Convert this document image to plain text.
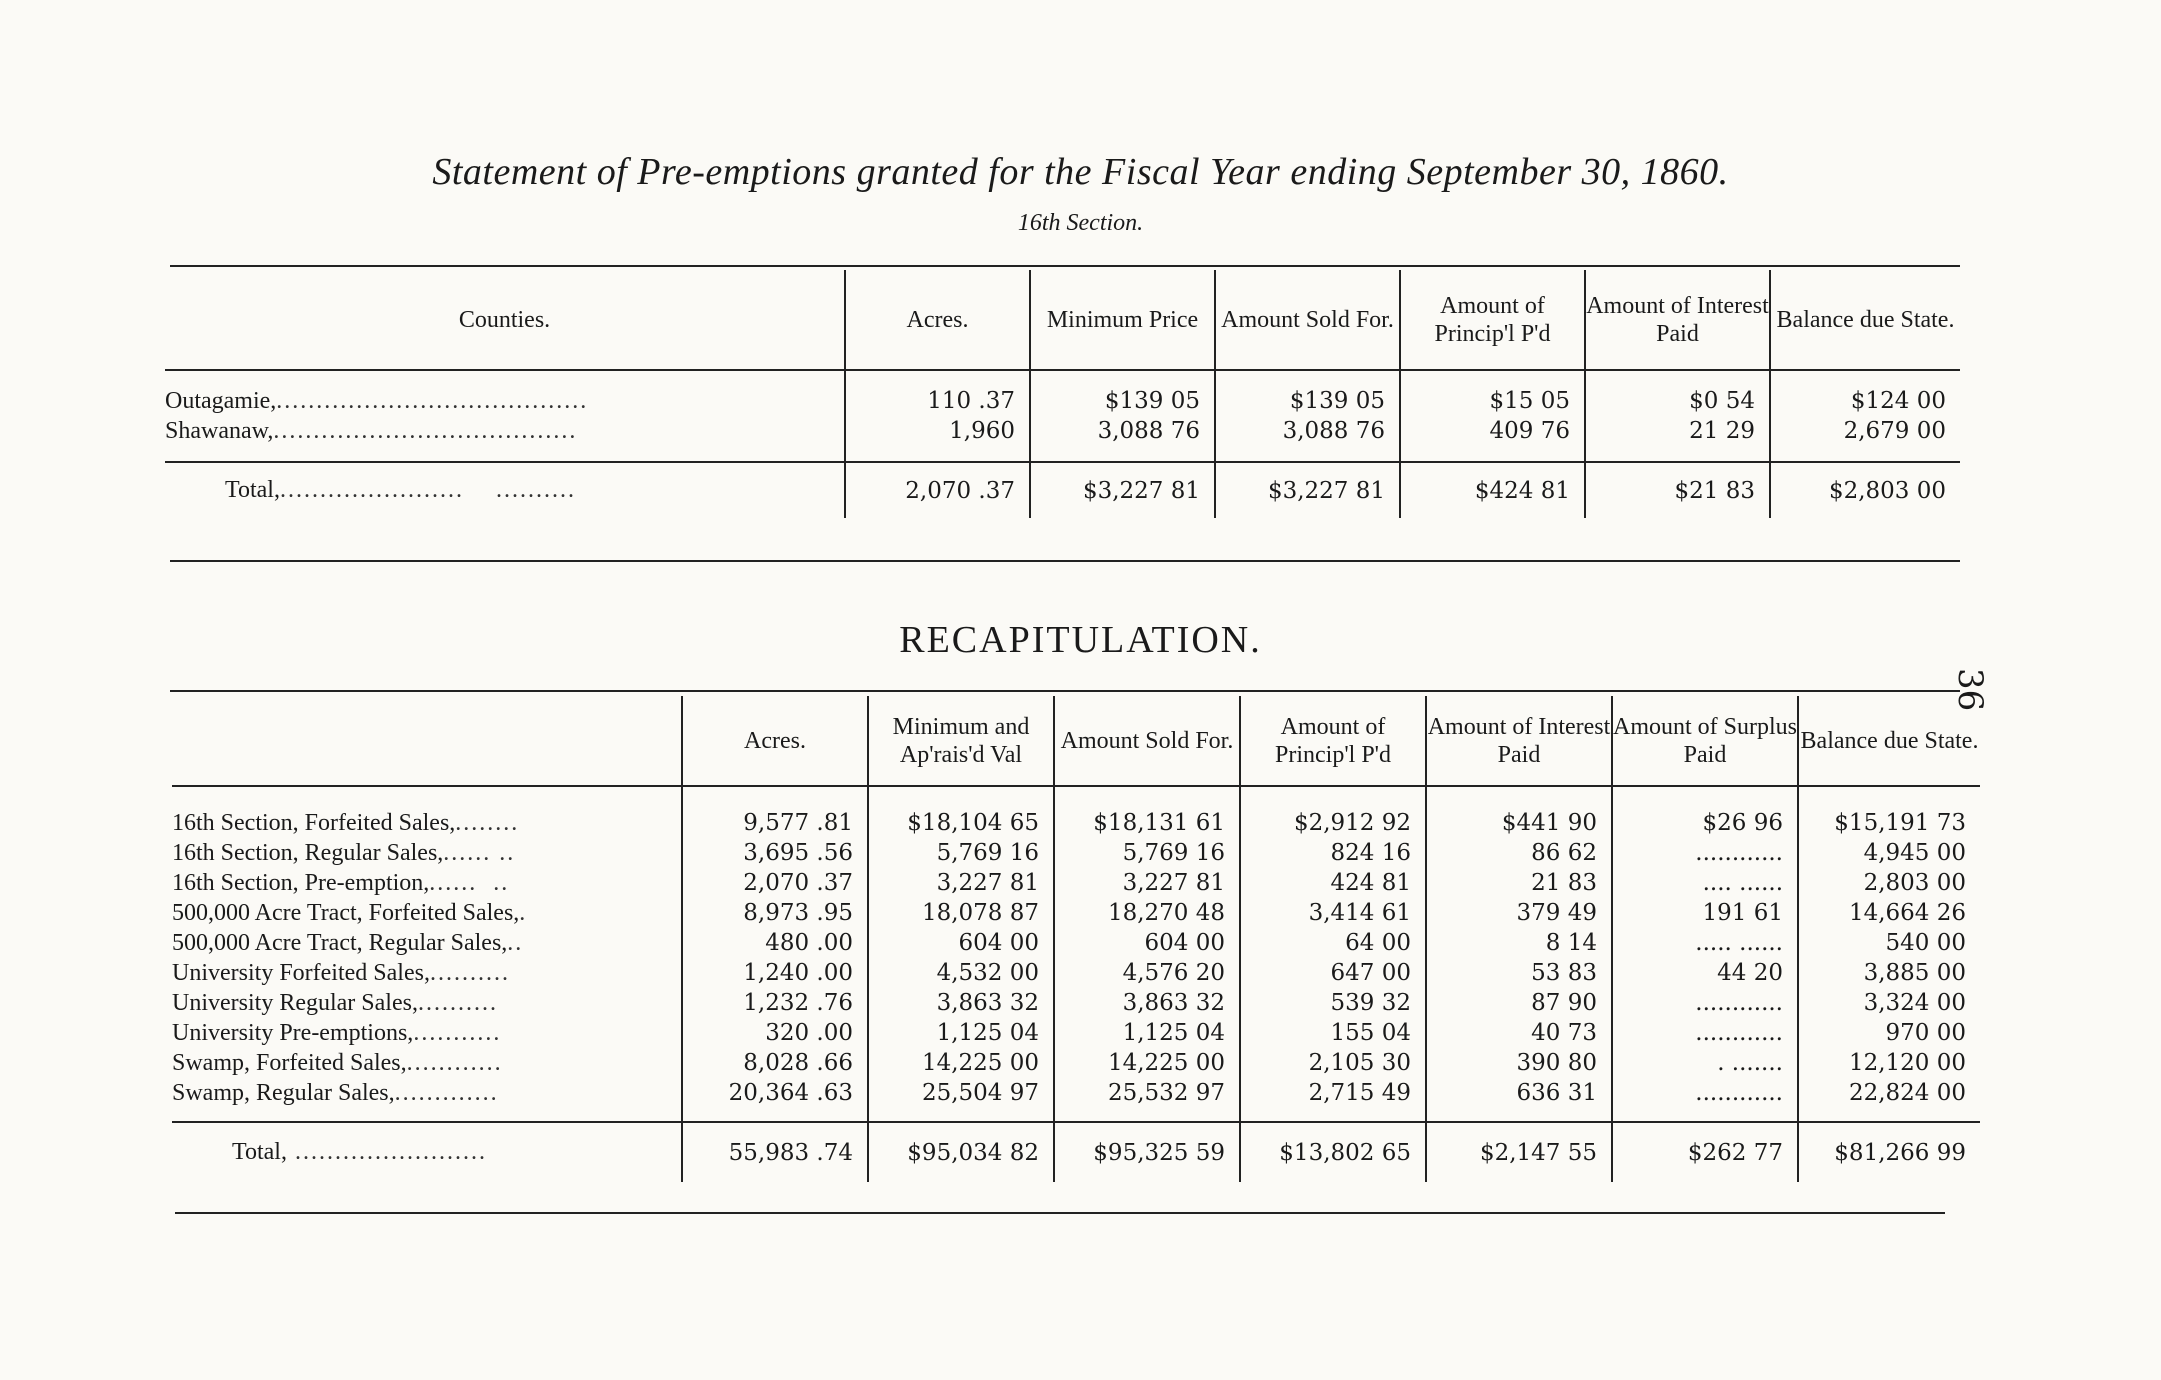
Statement of Pre-emptions granted for the Fiscal Year ending September 30, 1860.
16th Section.
Counties.	Acres.	Minimum Price	Amount Sold For.	Amount of Princip'l P'd	Amount of Interest Paid	Balance due State.

Outagamie,.......................................	110 .37	$139 05	$139 05	$15 05	$0 54	$124 00
Shawanaw,......................................	1,960	3,088 76	3,088 76	409 76	21 29	2,679 00

Total,.......................    ..........	2,070 .37	$3,227 81	$3,227 81	$424 81	$21 83	$2,803 00
RECAPITULATION.
	Acres.	Minimum and Ap'rais'd Val	Amount Sold For.	Amount of Princip'l P'd	Amount of Interest Paid	Amount of Surplus Paid	Balance due State.

16th Section, Forfeited Sales,........	9,577 .81	$18,104 65	$18,131 61	$2,912 92	$441 90	$26 96	$15,191 73
16th Section, Regular Sales,...... ..	3,695 .56	5,769 16	5,769 16	824 16	86 62	............	4,945 00
16th Section, Pre-emption,......  ..	2,070 .37	3,227 81	3,227 81	424 81	21 83	.... ......	2,803 00
500,000 Acre Tract, Forfeited Sales,.	8,973 .95	18,078 87	18,270 48	3,414 61	379 49	191 61	14,664 26
500,000 Acre Tract, Regular Sales,..	480 .00	604 00	604 00	64 00	8 14	..... ......	540 00
University Forfeited Sales,..........	1,240 .00	4,532 00	4,576 20	647 00	53 83	44 20	3,885 00
University Regular Sales,..........	1,232 .76	3,863 32	3,863 32	539 32	87 90	............	3,324 00
University Pre-emptions,...........	320 .00	1,125 04	1,125 04	155 04	40 73	............	970 00
Swamp, Forfeited Sales,............	8,028 .66	14,225 00	14,225 00	2,105 30	390 80	. .......	12,120 00
Swamp, Regular Sales,.............	20,364 .63	25,504 97	25,532 97	2,715 49	636 31	............	22,824 00

Total, ........................	55,983 .74	$95,034 82	$95,325 59	$13,802 65	$2,147 55	$262 77	$81,266 99
36
